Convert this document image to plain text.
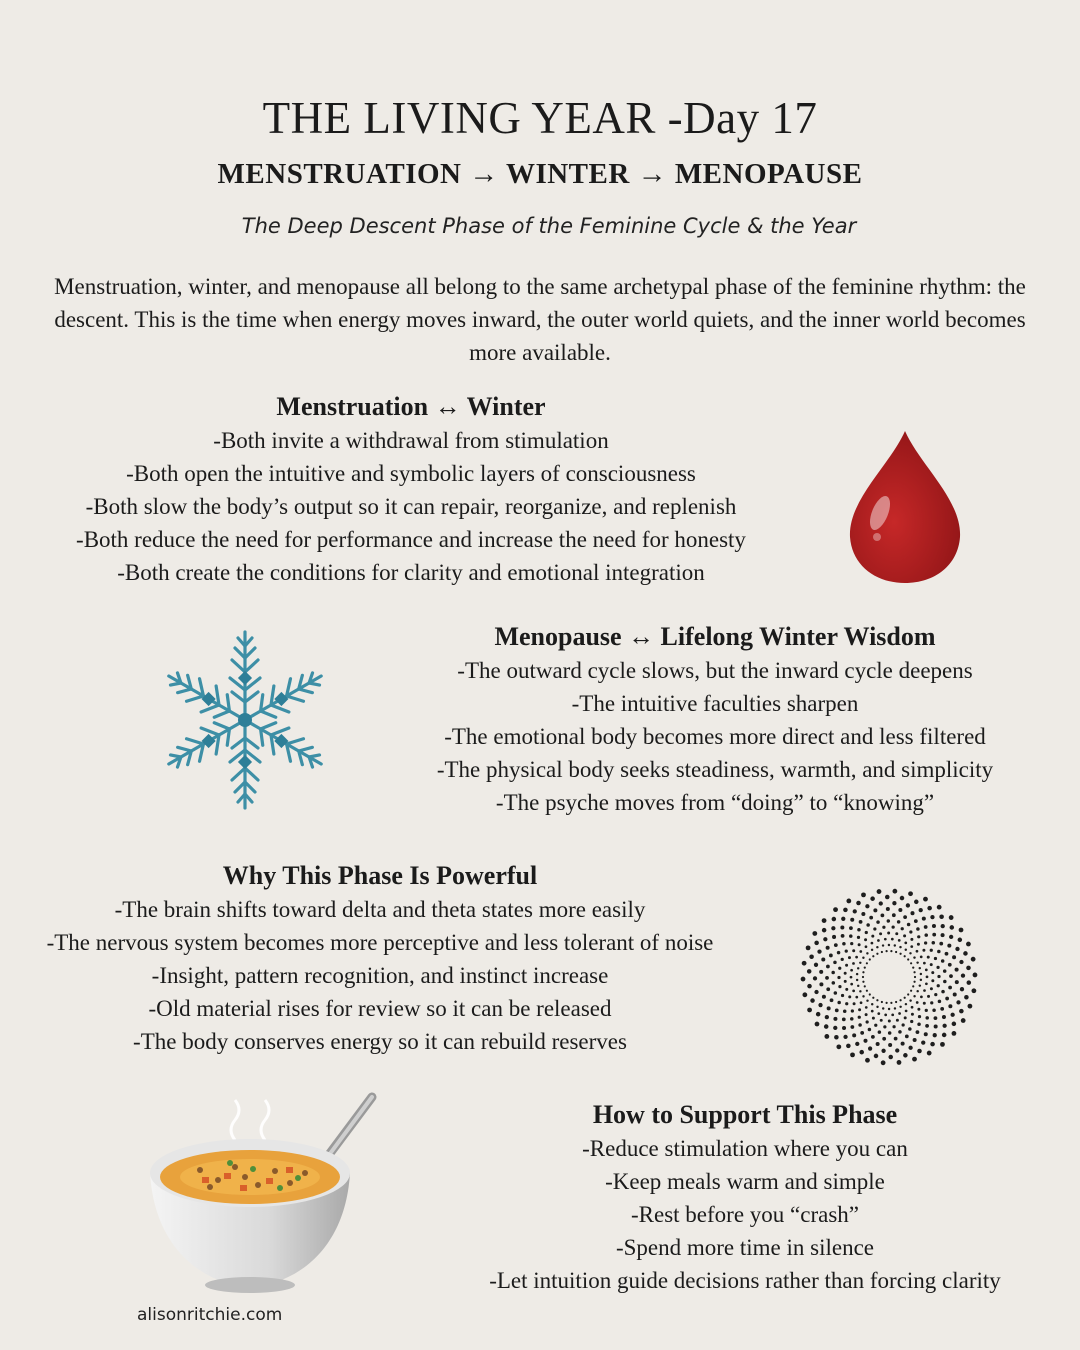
THE LIVING YEAR -Day 17
MENSTRUATION → WINTER → MENOPAUSE
The Deep Descent Phase of the Feminine Cycle & the Year
Menstruation, winter, and menopause all belong to the same archetypal phase of the feminine rhythm: the descent. This is the time when energy moves inward, the outer world quiets, and the inner world becomes more available.
Menstruation ↔ Winter
-Both invite a withdrawal from stimulation
-Both open the intuitive and symbolic layers of consciousness
-Both slow the body’s output so it can repair, reorganize, and replenish
-Both reduce the need for performance and increase the need for honesty
-Both create the conditions for clarity and emotional integration
Menopause ↔ Lifelong Winter Wisdom
-The outward cycle slows, but the inward cycle deepens
-The intuitive faculties sharpen
-The emotional body becomes more direct and less filtered
-The physical body seeks steadiness, warmth, and simplicity
-The psyche moves from “doing” to “knowing”
Why This Phase Is Powerful
-The brain shifts toward delta and theta states more easily
-The nervous system becomes more perceptive and less tolerant of noise
-Insight, pattern recognition, and instinct increase
-Old material rises for review so it can be released
-The body conserves energy so it can rebuild reserves
How to Support This Phase
-Reduce stimulation where you can
-Keep meals warm and simple
-Rest before you “crash”
-Spend more time in silence
-Let intuition guide decisions rather than forcing clarity
alisonritchie.com
